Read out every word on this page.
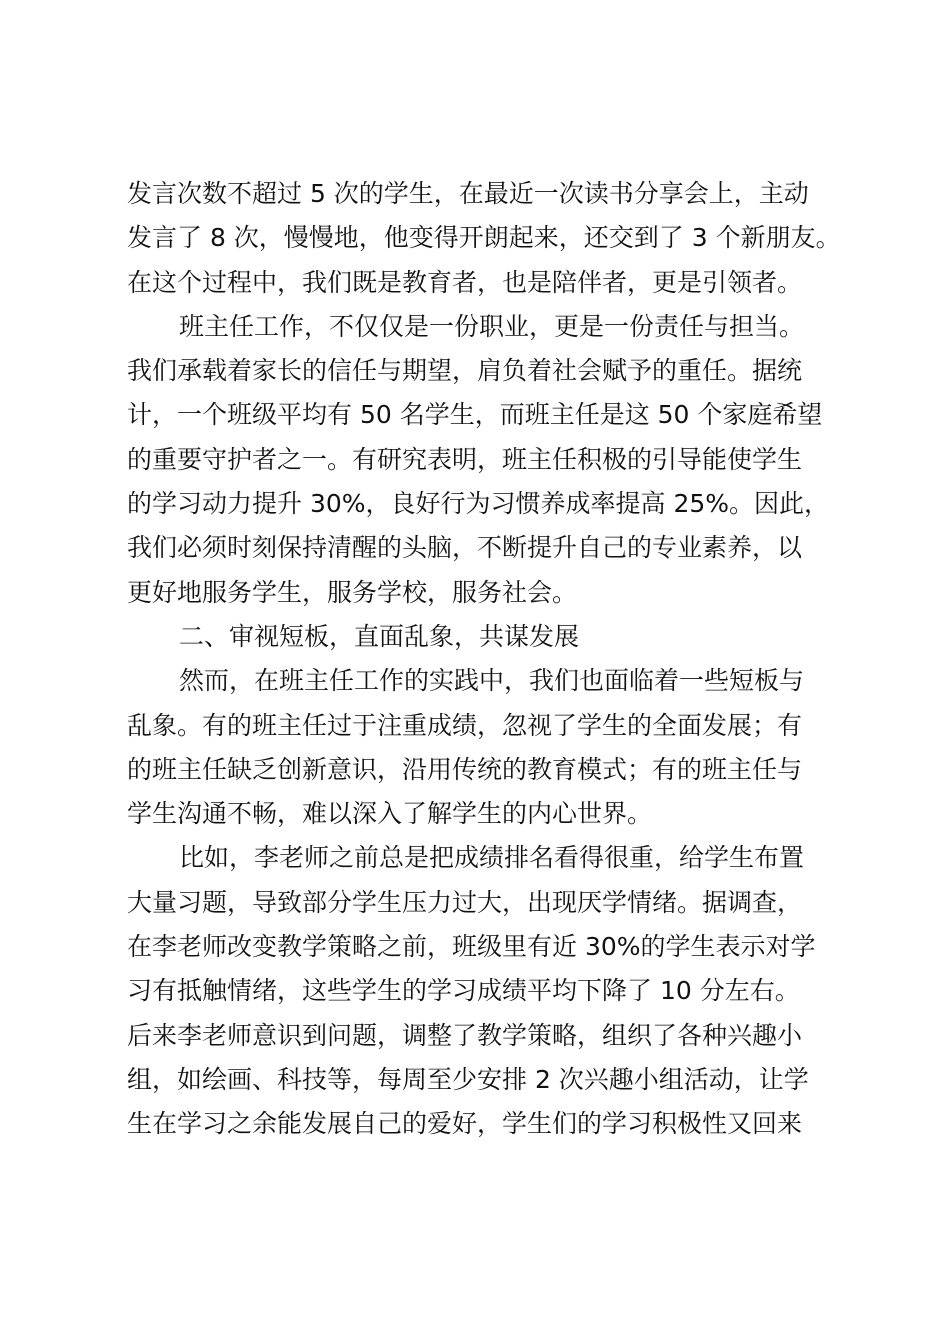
发言次数不超过 5 次的学生，在最近一次读书分享会上，主动
发言了 8 次，慢慢地，他变得开朗起来，还交到了 3 个新朋友。
在这个过程中，我们既是教育者，也是陪伴者，更是引领者。
班主任工作，不仅仅是一份职业，更是一份责任与担当。
我们承载着家长的信任与期望，肩负着社会赋予的重任。据统
计，一个班级平均有 50 名学生，而班主任是这 50 个家庭希望
的重要守护者之一。有研究表明，班主任积极的引导能使学生
的学习动力提升 30%，良好行为习惯养成率提高 25%。因此，
我们必须时刻保持清醒的头脑，不断提升自己的专业素养，以
更好地服务学生，服务学校，服务社会。
二、审视短板，直面乱象，共谋发展
然而，在班主任工作的实践中，我们也面临着一些短板与
乱象。有的班主任过于注重成绩，忽视了学生的全面发展；有
的班主任缺乏创新意识，沿用传统的教育模式；有的班主任与
学生沟通不畅，难以深入了解学生的内心世界。
比如，李老师之前总是把成绩排名看得很重，给学生布置
大量习题，导致部分学生压力过大，出现厌学情绪。据调查，
在李老师改变教学策略之前，班级里有近 30%的学生表示对学
习有抵触情绪，这些学生的学习成绩平均下降了 10 分左右。
后来李老师意识到问题，调整了教学策略，组织了各种兴趣小
组，如绘画、科技等，每周至少安排 2 次兴趣小组活动，让学
生在学习之余能发展自己的爱好，学生们的学习积极性又回来
